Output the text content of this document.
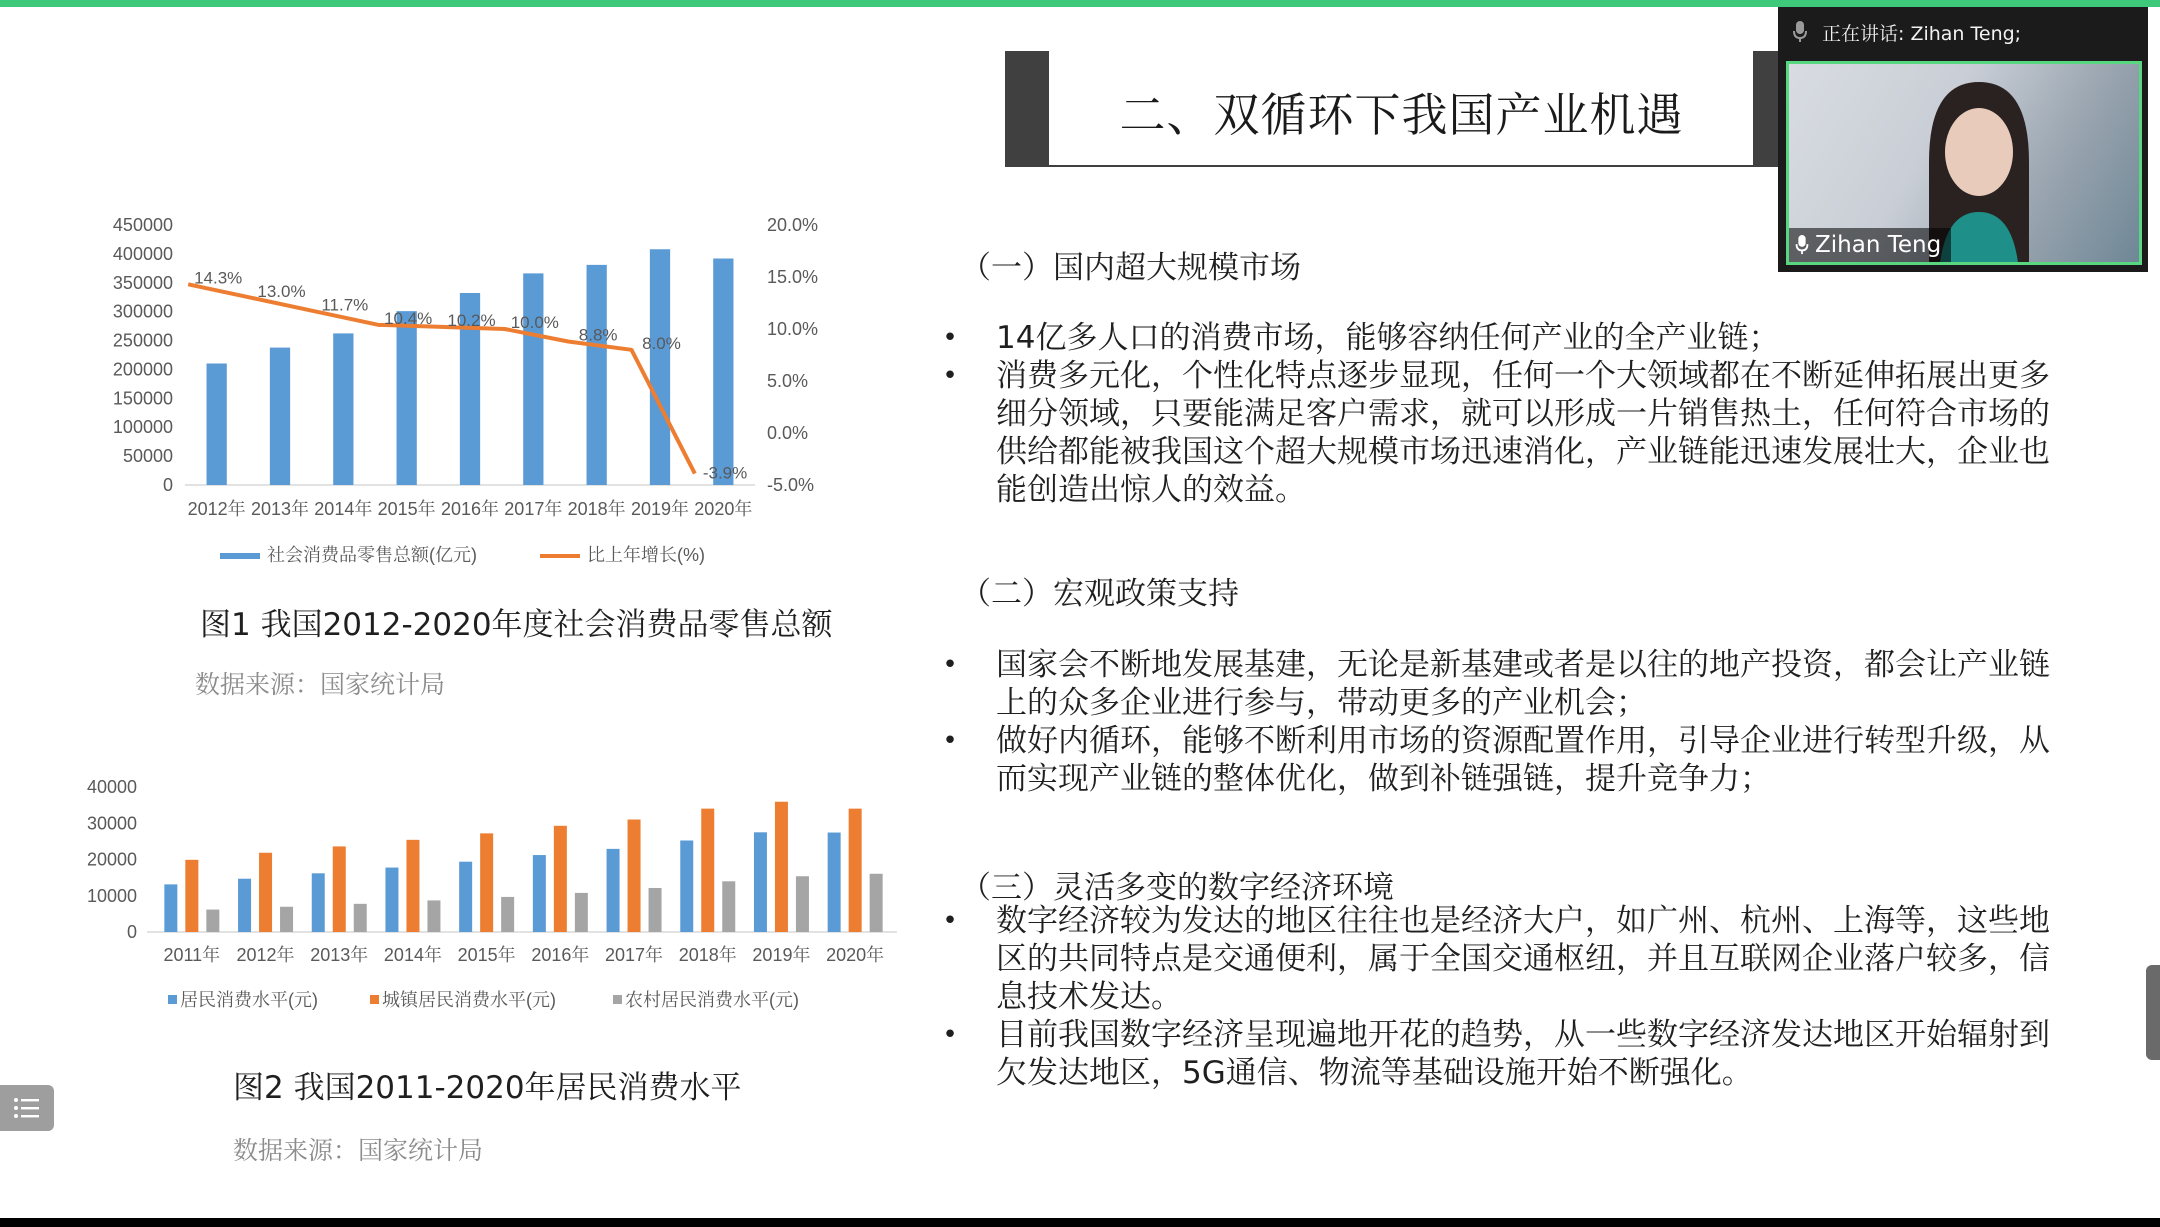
二、双循环下我国产业机遇
450000
400000
350000
300000
250000
200000
150000
100000
50000
0
20.0%
15.0%
10.0%
5.0%
0.0%
-5.0%
2012年 2013年 2014年 2015年 2016年 2017年 2018年 2019年 2020年
14.3%
13.0%
11.7%
10.4% 10.2% 10.0%
8.8% 8.0%
-3.9%
社会消费品零售总额(亿元)	比上年增长(%)
图1 我国2012-2020年度社会消费品零售总额
数据来源：国家统计局
40000
30000
20000
10000
0
2011年 2012年 2013年 2014年 2015年 2016年 2017年 2018年 2019年 2020年
居民消费水平(元)	城镇居民消费水平(元)	农村居民消费水平(元)
图2 我国2011-2020年居民消费水平
数据来源：国家统计局
（一）国内超大规模市场
• 14亿多人口的消费市场，能够容纳任何产业的全产业链；
• 消费多元化，个性化特点逐步显现，任何一个大领域都在不断延伸拓展出更多细分领域，只要能满足客户需求，就可以形成一片销售热土，任何符合市场的供给都能被我国这个超大规模市场迅速消化，产业链能迅速发展壮大，企业也能创造出惊人的效益。
（二）宏观政策支持
• 国家会不断地发展基建，无论是新基建或者是以往的地产投资，都会让产业链上的众多企业进行参与，带动更多的产业机会；
• 做好内循环，能够不断利用市场的资源配置作用，引导企业进行转型升级，从而实现产业链的整体优化，做到补链强链，提升竞争力；
（三）灵活多变的数字经济环境
• 数字经济较为发达的地区往往也是经济大户，如广州、杭州、上海等，这些地区的共同特点是交通便利，属于全国交通枢纽，并且互联网企业落户较多，信息技术发达。
• 目前我国数字经济呈现遍地开花的趋势，从一些数字经济发达地区开始辐射到欠发达地区，5G通信、物流等基础设施开始不断强化。
正在讲话: Zihan Teng;
Zihan Teng
